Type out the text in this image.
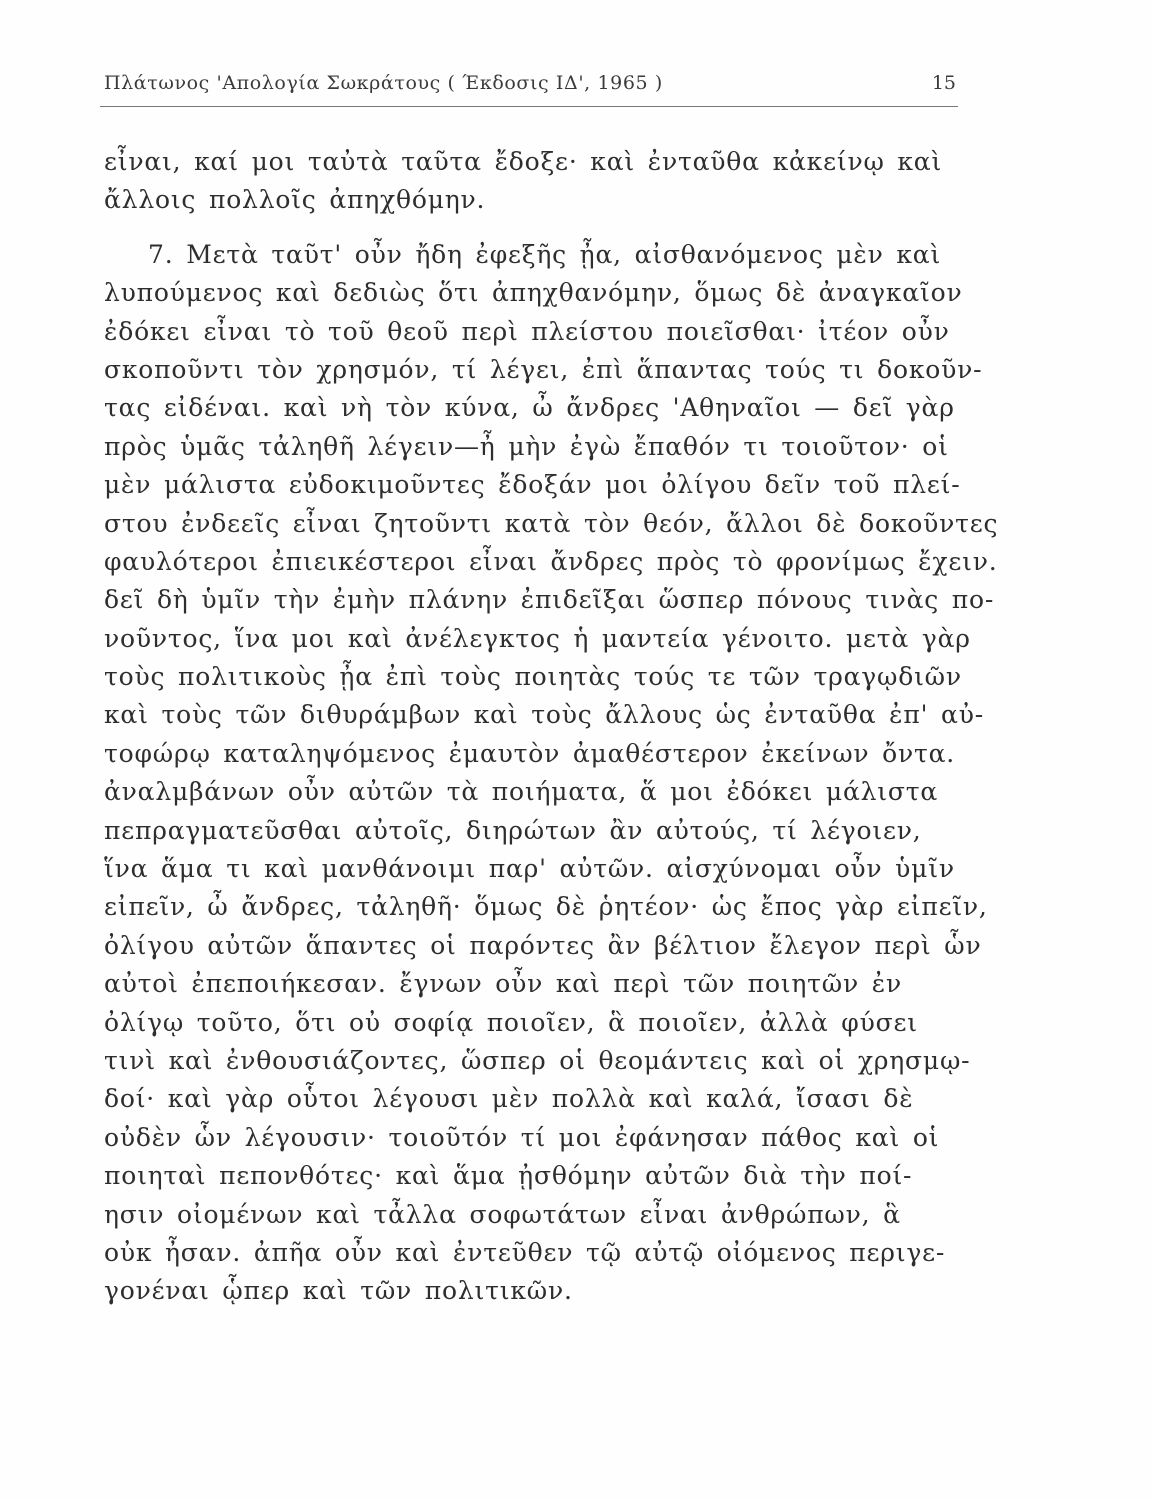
Πλάτωνος 'Απολογία Σωκράτους ( Έκδοσις ΙΔ', 1965 )	15
εἶναι, καί μοι ταὐτὰ ταῦτα ἔδοξε· καὶ ἐνταῦθα κἀκείνῳ καὶ
ἄλλοις πολλοῖς ἀπηχθόμην.
7. Μετὰ ταῦτ' οὖν ἤδη ἐφεξῆς ᾖα, αἰσθανόμενος μὲν καὶ
λυπούμενος καὶ δεδιὼς ὅτι ἀπηχθανόμην, ὅμως δὲ ἀναγκαῖον
ἐδόκει εἶναι τὸ τοῦ θεοῦ περὶ πλείστου ποιεῖσθαι· ἰτέον οὖν
σκοποῦντι τὸν χρησμόν, τί λέγει, ἐπὶ ἅπαντας τούς τι δοκοῦν-
τας εἰδέναι. καὶ νὴ τὸν κύνα, ὦ ἄνδρες 'Αθηναῖοι — δεῖ γὰρ
πρὸς ὑμᾶς τἀληθῆ λέγειν—ἦ μὴν ἐγὼ ἔπαθόν τι τοιοῦτον· οἱ
μὲν μάλιστα εὐδοκιμοῦντες ἔδοξάν μοι ὀλίγου δεῖν τοῦ πλεί-
στου ἐνδεεῖς εἶναι ζητοῦντι κατὰ τὸν θεόν, ἄλλοι δὲ δοκοῦντες
φαυλότεροι ἐπιεικέστεροι εἶναι ἄνδρες πρὸς τὸ φρονίμως ἔχειν.
δεῖ δὴ ὑμῖν τὴν ἐμὴν πλάνην ἐπιδεῖξαι ὥσπερ πόνους τινὰς πο-
νοῦντος, ἵνα μοι καὶ ἀνέλεγκτος ἡ μαντεία γένοιτο. μετὰ γὰρ
τοὺς πολιτικοὺς ᾖα ἐπὶ τοὺς ποιητὰς τούς τε τῶν τραγῳδιῶν
καὶ τοὺς τῶν διθυράμβων καὶ τοὺς ἄλλους ὡς ἐνταῦθα ἐπ' αὐ-
τοφώρῳ καταληψόμενος ἐμαυτὸν ἀμαθέστερον ἐκείνων ὄντα.
ἀναλμβάνων οὖν αὐτῶν τὰ ποιήματα, ἅ μοι ἐδόκει μάλιστα
πεπραγματεῦσθαι αὐτοῖς, διηρώτων ἂν αὐτούς, τί λέγοιεν,
ἵνα ἅμα τι καὶ μανθάνοιμι παρ' αὐτῶν. αἰσχύνομαι οὖν ὑμῖν
εἰπεῖν, ὦ ἄνδρες, τἀληθῆ· ὅμως δὲ ῥητέον· ὡς ἔπος γὰρ εἰπεῖν,
ὀλίγου αὐτῶν ἅπαντες οἱ παρόντες ἂν βέλτιον ἔλεγον περὶ ὧν
αὐτοὶ ἐπεποιήκεσαν. ἔγνων οὖν καὶ περὶ τῶν ποιητῶν ἐν
ὀλίγῳ τοῦτο, ὅτι οὐ σοφίᾳ ποιοῖεν, ἃ ποιοῖεν, ἀλλὰ φύσει
τινὶ καὶ ἐνθουσιάζοντες, ὥσπερ οἱ θεομάντεις καὶ οἱ χρησμῳ-
δοί· καὶ γὰρ οὗτοι λέγουσι μὲν πολλὰ καὶ καλά, ἴσασι δὲ
οὐδὲν ὧν λέγουσιν· τοιοῦτόν τί μοι ἐφάνησαν πάθος καὶ οἱ
ποιηταὶ πεπονθότες· καὶ ἅμα ᾐσθόμην αὐτῶν διὰ τὴν ποί-
ησιν οἰομένων καὶ τἆλλα σοφωτάτων εἶναι ἀνθρώπων, ἃ
οὐκ ἦσαν. ἀπῆα οὖν καὶ ἐντεῦθεν τῷ αὐτῷ οἰόμενος περιγε-
γονέναι ᾧπερ καὶ τῶν πολιτικῶν.
